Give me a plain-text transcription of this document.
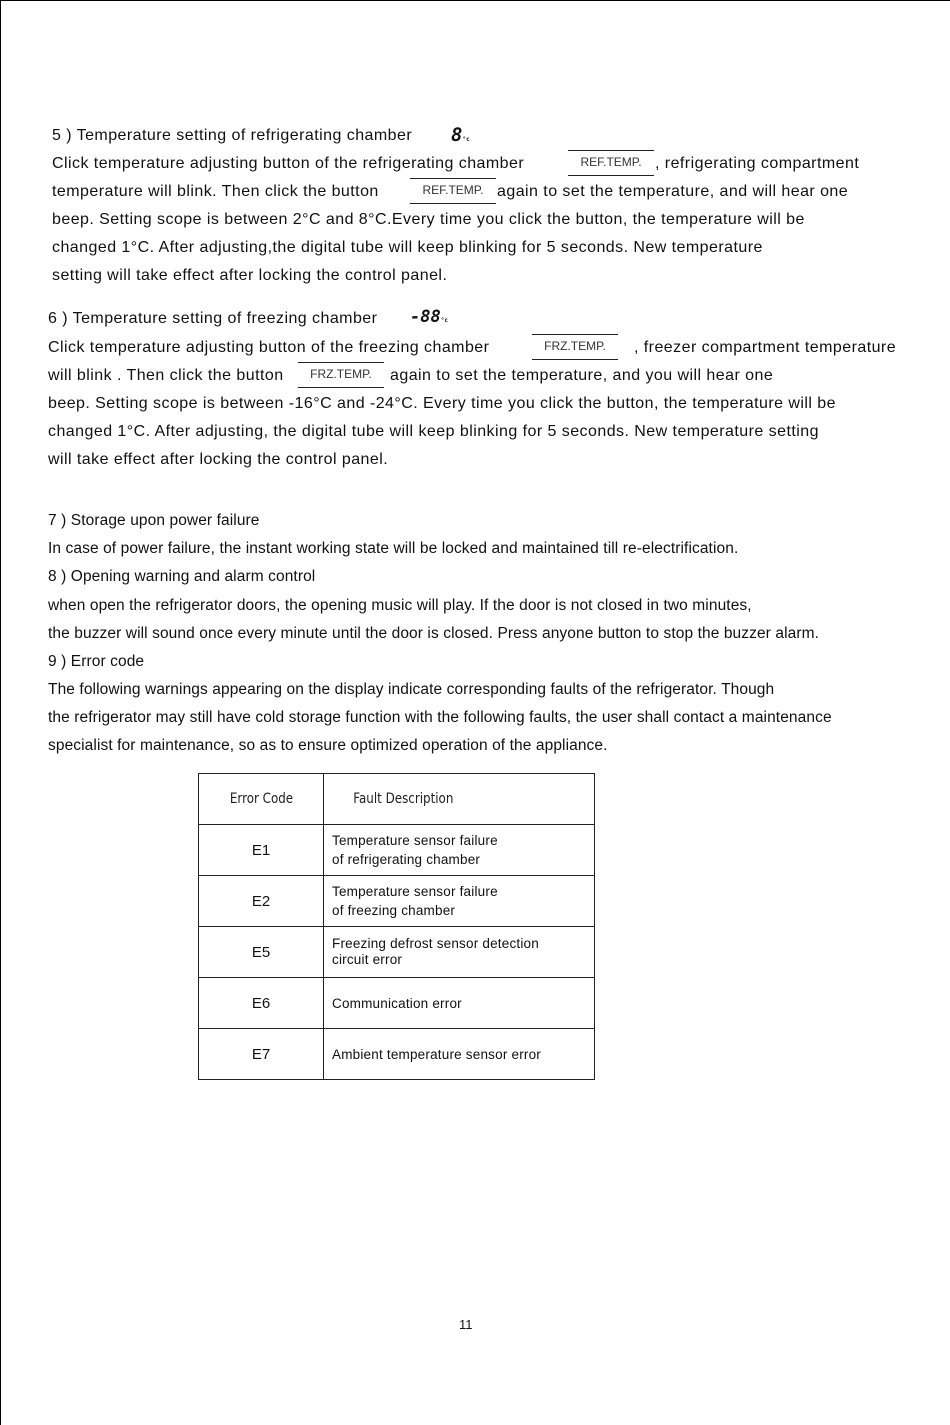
5 ) Temperature setting of refrigerating chamber 8°c
Click temperature adjusting button of the refrigerating chamber	REF.TEMP. , refrigerating compartment
temperature will blink. Then click the button	REF.TEMP. again to set the temperature, and will hear one
beep. Setting scope is between 2°C and 8°C.Every time you click the button, the temperature will be
changed 1°C. After adjusting,the digital tube will keep blinking for 5 seconds. New temperature
setting will take effect after locking the control panel.
6 ) Temperature setting of freezing chamber -88°c
Click temperature adjusting button of the freezing chamber	FRZ.TEMP.	, freezer compartment temperature
will blink . Then click the button	FRZ.TEMP.	again to set the temperature, and you will hear one
beep. Setting scope is between -16°C and -24°C. Every time you click the button, the temperature will be
changed 1°C. After adjusting, the digital tube will keep blinking for 5 seconds. New temperature setting
will take effect after locking the control panel.
7 ) Storage upon power failure
In case of power failure, the instant working state will be locked and maintained till re-electrification.
8 ) Opening warning and alarm control
when open the refrigerator doors, the opening music will play. If the door is not closed in two minutes,
the buzzer will sound once every minute until the door is closed. Press anyone button to stop the buzzer alarm.
9 ) Error code
The following warnings appearing on the display indicate corresponding faults of the refrigerator. Though
the refrigerator may still have cold storage function with the following faults, the user shall contact a maintenance
specialist for maintenance, so as to ensure optimized operation of the appliance.
Error Code	Fault Description
E1	Temperature sensor failure
of refrigerating chamber
E2	Temperature sensor failure
of freezing chamber
E5	Freezing defrost sensor detection
circuit error
E6	Communication error
E7	Ambient temperature sensor error
11
